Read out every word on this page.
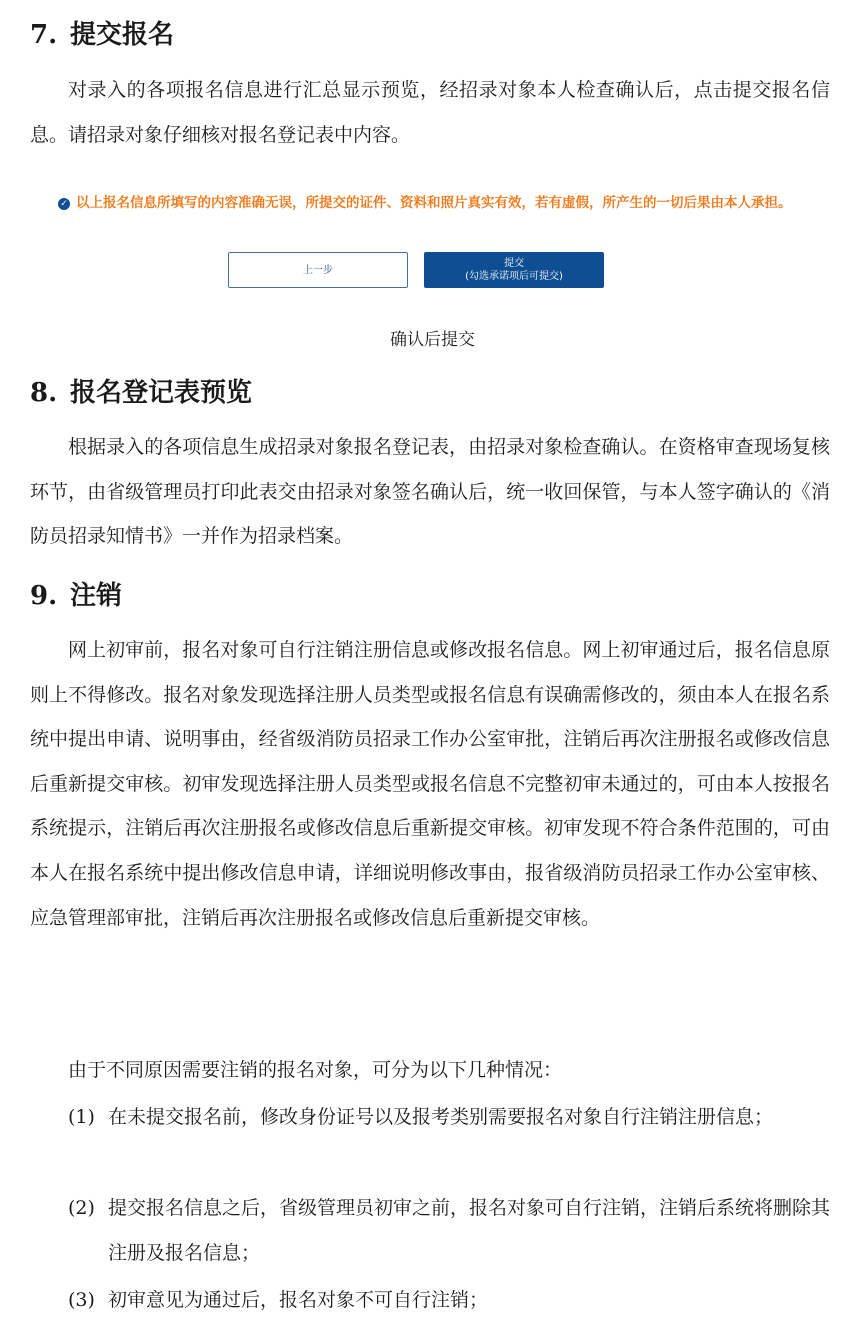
7. 提交报名

对录入的各项报名信息进行汇总显示预览，经招录对象本人检查确认后，点击提交报名信息。请招录对象仔细核对报名登记表中内容。

✓ 以上报名信息所填写的内容准确无误，所提交的证件、资料和照片真实有效，若有虚假，所产生的一切后果由本人承担。
上一步
提交
(勾选承诺项后可提交)
确认后提交
8. 报名登记表预览

根据录入的各项信息生成招录对象报名登记表，由招录对象检查确认。在资格审查现场复核环节，由省级管理员打印此表交由招录对象签名确认后，统一收回保管，与本人签字确认的《消防员招录知情书》一并作为招录档案。

9. 注销

网上初审前，报名对象可自行注销注册信息或修改报名信息。网上初审通过后，报名信息原则上不得修改。报名对象发现选择注册人员类型或报名信息有误确需修改的，须由本人在报名系统中提出申请、说明事由，经省级消防员招录工作办公室审批，注销后再次注册报名或修改信息后重新提交审核。初审发现选择注册人员类型或报名信息不完整初审未通过的，可由本人按报名系统提示，注销后再次注册报名或修改信息后重新提交审核。初审发现不符合条件范围的，可由本人在报名系统中提出修改信息申请，详细说明修改事由，报省级消防员招录工作办公室审核、应急管理部审批，注销后再次注册报名或修改信息后重新提交审核。

由于不同原因需要注销的报名对象，可分为以下几种情况：

(1) 在未提交报名前，修改身份证号以及报考类别需要报名对象自行注销注册信息；

(2) 提交报名信息之后，省级管理员初审之前，报名对象可自行注销，注销后系统将删除其注册及报名信息；

(3) 初审意见为通过后，报名对象不可自行注销；
